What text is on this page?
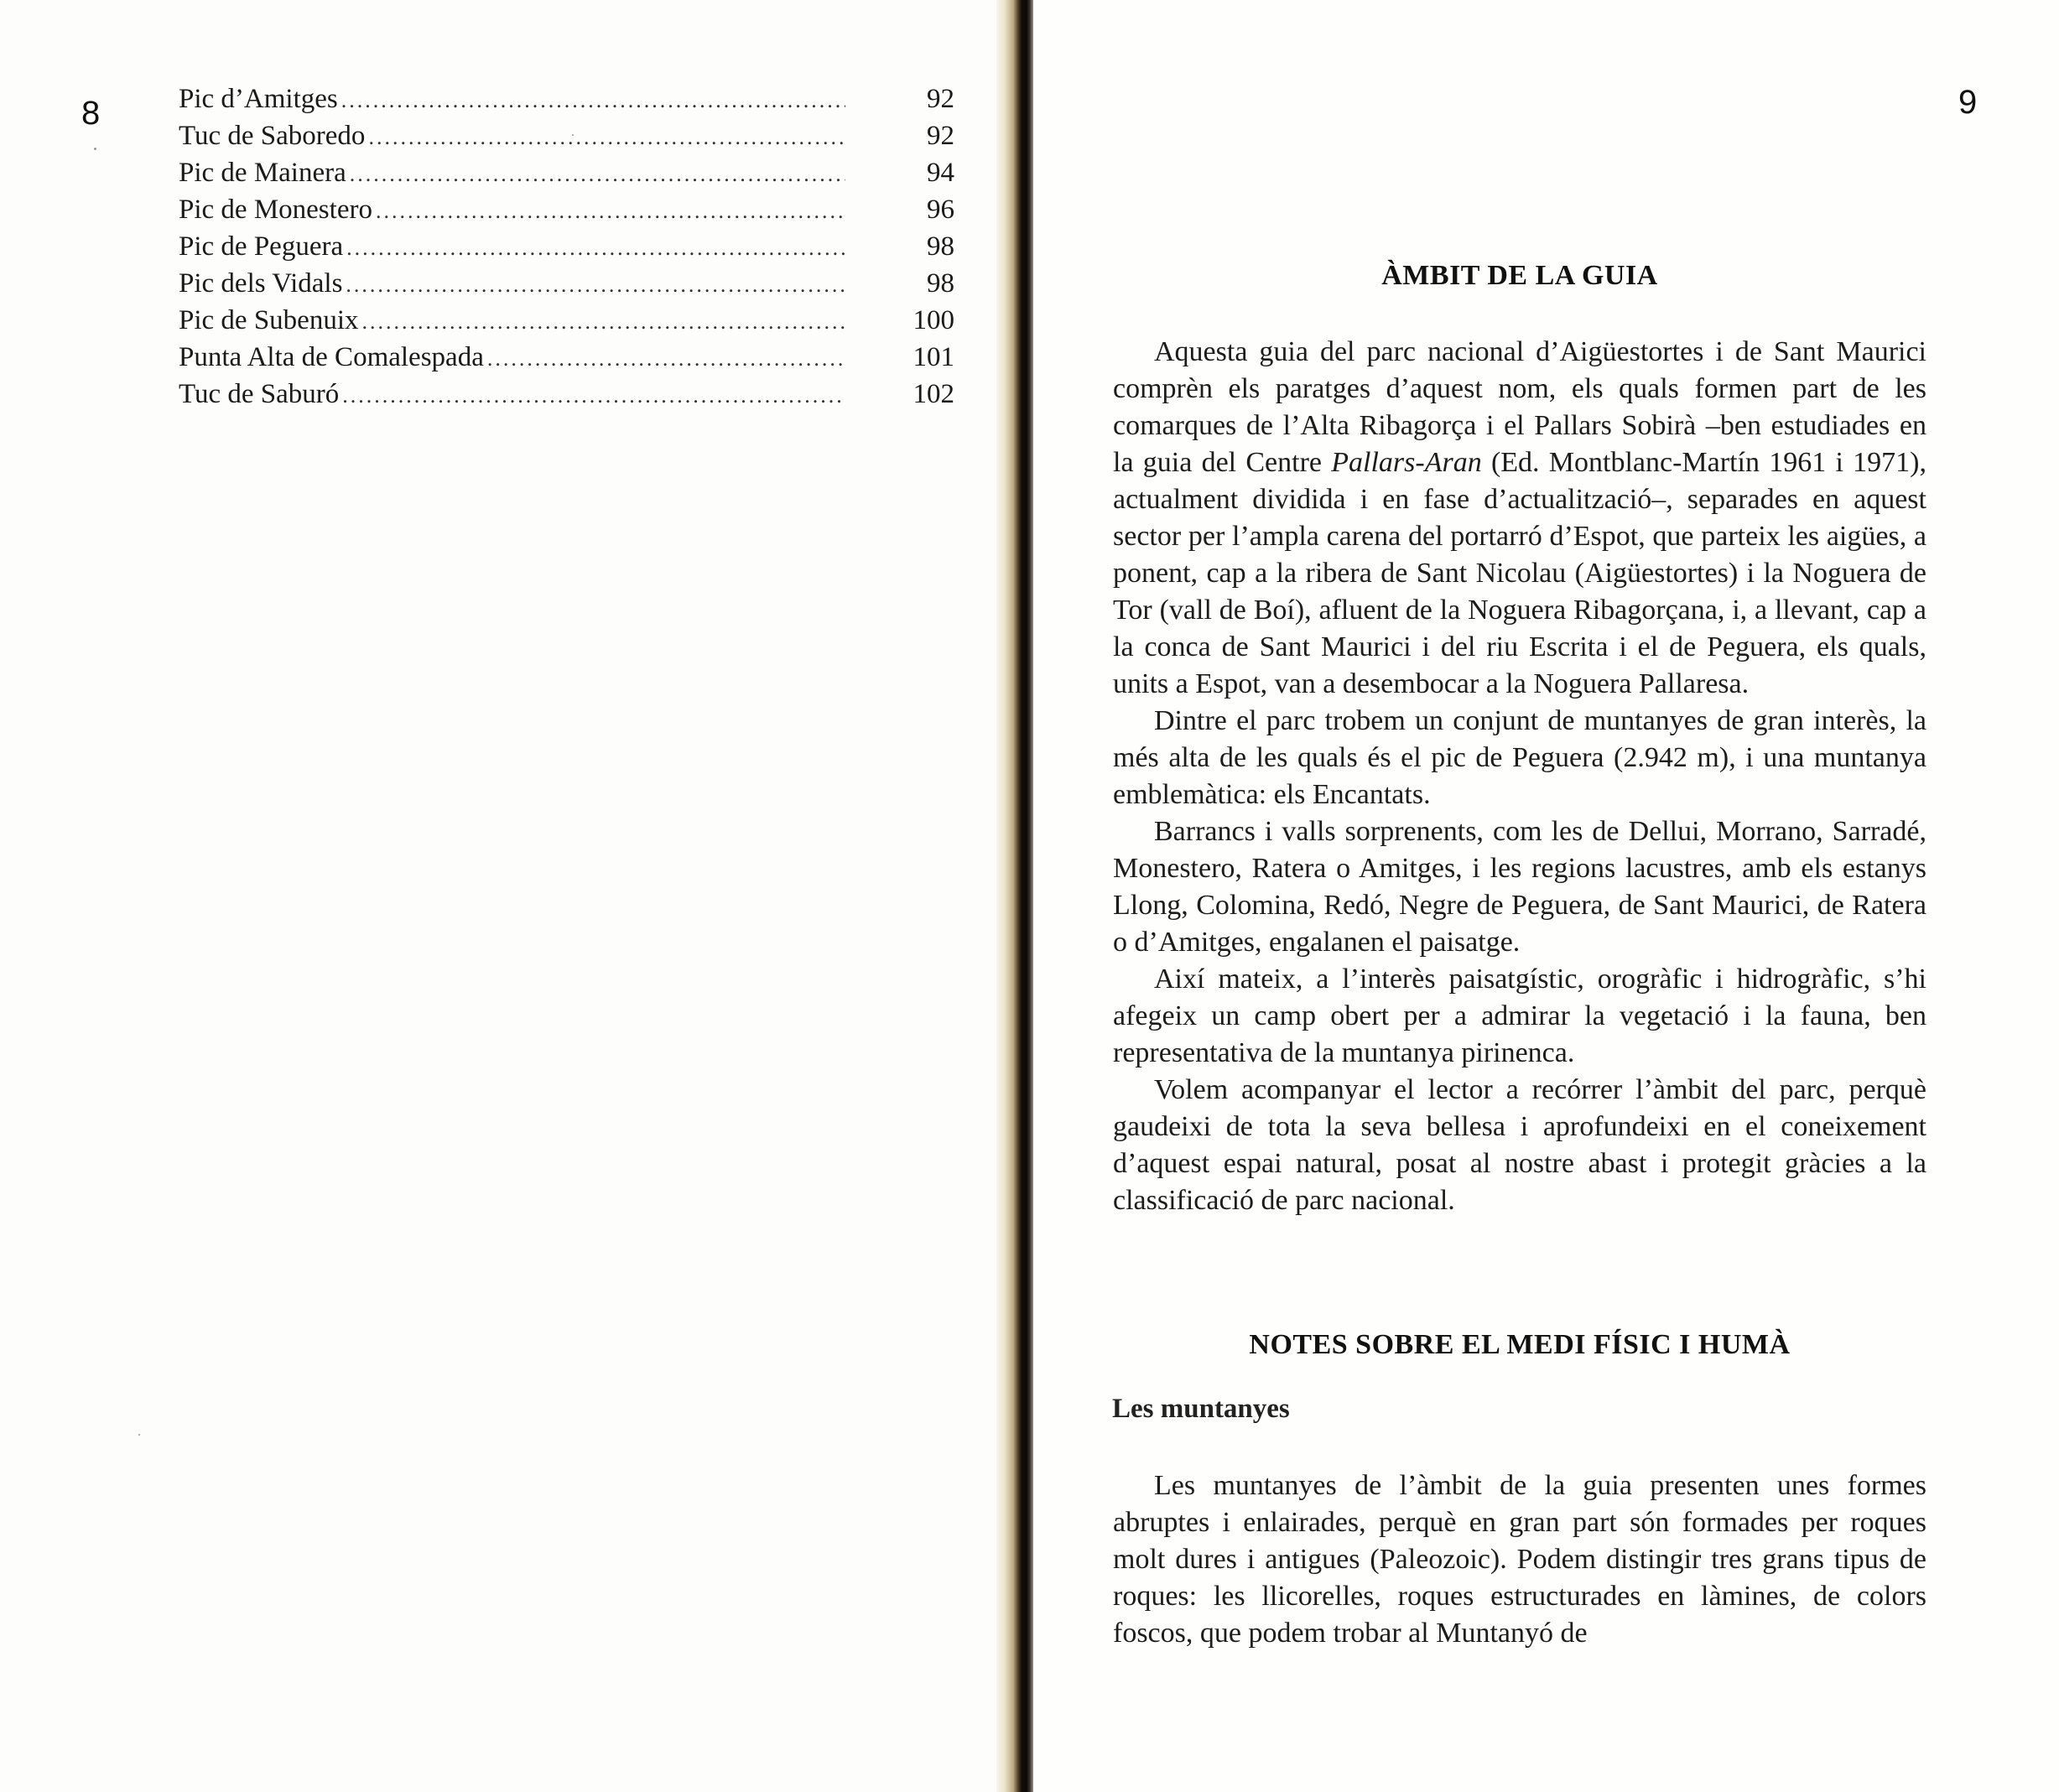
8	Pic d’Amitges .....	92
Tuc de Saboredo .....	92
Pic de Mainera .....	94
Pic de Monestero .....	96
Pic de Peguera .....	98
Pic dels Vidals .....	98
Pic de Subenuix .....	100
Punta Alta de Comalespada .....	101
Tuc de Saburó .....	102
9
ÀMBIT DE LA GUIA

Aquesta guia del parc nacional d’Aigüestortes i de Sant Maurici comprèn els paratges d’aquest nom, els quals formen part de les comarques de l’Alta Ribagorça i el Pallars Sobirà –ben estudiades en la guia del Centre Pallars-Aran (Ed. Montblanc-Martín 1961 i 1971), actualment dividida i en fase d’actualització–, separades en aquest sector per l’ampla carena del portarró d’Espot, que parteix les aigües, a ponent, cap a la ribera de Sant Nicolau (Aigüestortes) i la Noguera de Tor (vall de Boí), afluent de la Noguera Ribagorçana, i, a llevant, cap a la conca de Sant Maurici i del riu Escrita i el de Peguera, els quals, units a Espot, van a desembocar a la Noguera Pallaresa.

Dintre el parc trobem un conjunt de muntanyes de gran interès, la més alta de les quals és el pic de Peguera (2.942 m), i una muntanya emblemàtica: els Encantats.

Barrancs i valls sorprenents, com les de Dellui, Morrano, Sarradé, Monestero, Ratera o Amitges, i les regions lacustres, amb els estanys Llong, Colomina, Redó, Negre de Peguera, de Sant Maurici, de Ratera o d’Amitges, engalanen el paisatge.

Així mateix, a l’interès paisatgístic, orogràfic i hidrogràfic, s’hi afegeix un camp obert per a admirar la vegetació i la fauna, ben representativa de la muntanya pirinenca.

Volem acompanyar el lector a recórrer l’àmbit del parc, perquè gaudeixi de tota la seva bellesa i aprofundeixi en el coneixement d’aquest espai natural, posat al nostre abast i protegit gràcies a la classificació de parc nacional.

NOTES SOBRE EL MEDI FÍSIC I HUMÀ
Les muntanyes

Les muntanyes de l’àmbit de la guia presenten unes formes abruptes i enlairades, perquè en gran part són formades per roques molt dures i antigues (Paleozoic). Podem distingir tres grans tipus de roques: les llicorelles, roques estructurades en làmines, de colors foscos, que podem trobar al Muntanyó de
